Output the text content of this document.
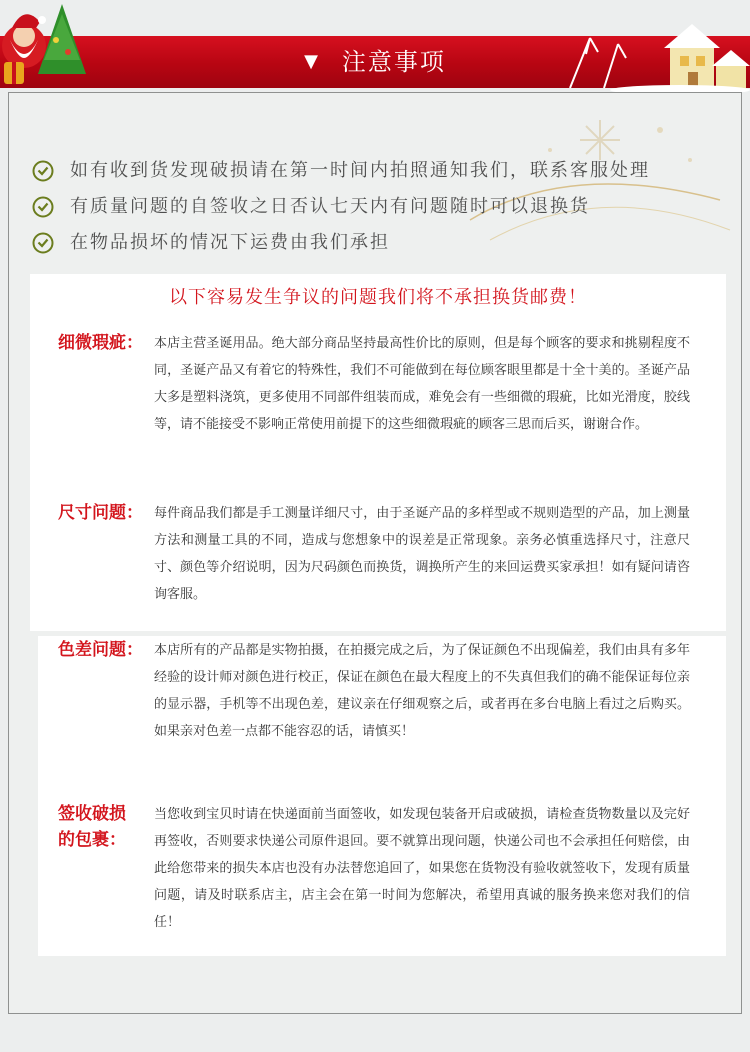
▼ 注意事项
如有收到货发现破损请在第一时间内拍照通知我们，联系客服处理
有质量问题的自签收之日否认七天内有问题随时可以退换货
在物品损坏的情况下运费由我们承担
以下容易发生争议的问题我们将不承担换货邮费！
细微瑕疵： 本店主营圣诞用品。绝大部分商品坚持最高性价比的原则，但是每个顾客的要求和挑剔程度不同，圣诞产品又有着它的特殊性，我们不可能做到在每位顾客眼里都是十全十美的。圣诞产品大多是塑料浇筑，更多使用不同部件组装而成，难免会有一些细微的瑕疵，比如光滑度，胶线等，请不能接受不影响正常使用前提下的这些细微瑕疵的顾客三思而后买，谢谢合作。
尺寸问题： 每件商品我们都是手工测量详细尺寸，由于圣诞产品的多样型或不规则造型的产品，加上测量方法和测量工具的不同，造成与您想象中的误差是正常现象。亲务必慎重选择尺寸，注意尺寸、颜色等介绍说明，因为尺码颜色而换货，调换所产生的来回运费买家承担！如有疑问请咨询客服。
色差问题： 本店所有的产品都是实物拍摄，在拍摄完成之后，为了保证颜色不出现偏差，我们由具有多年经验的设计师对颜色进行校正，保证在颜色在最大程度上的不失真但我们的确不能保证每位亲的显示器，手机等不出现色差，建议亲在仔细观察之后，或者再在多台电脑上看过之后购买。如果亲对色差一点都不能容忍的话，请慎买！
签收破损的包裹：
当您收到宝贝时请在快递面前当面签收，如发现包装备开启或破损，请检查货物数量以及完好再签收，否则要求快递公司原件退回。要不就算出现问题，快递公司也不会承担任何赔偿，由此给您带来的损失本店也没有办法替您追回了，如果您在货物没有验收就签收下，发现有质量问题，请及时联系店主，店主会在第一时间为您解决，希望用真诚的服务换来您对我们的信任！
